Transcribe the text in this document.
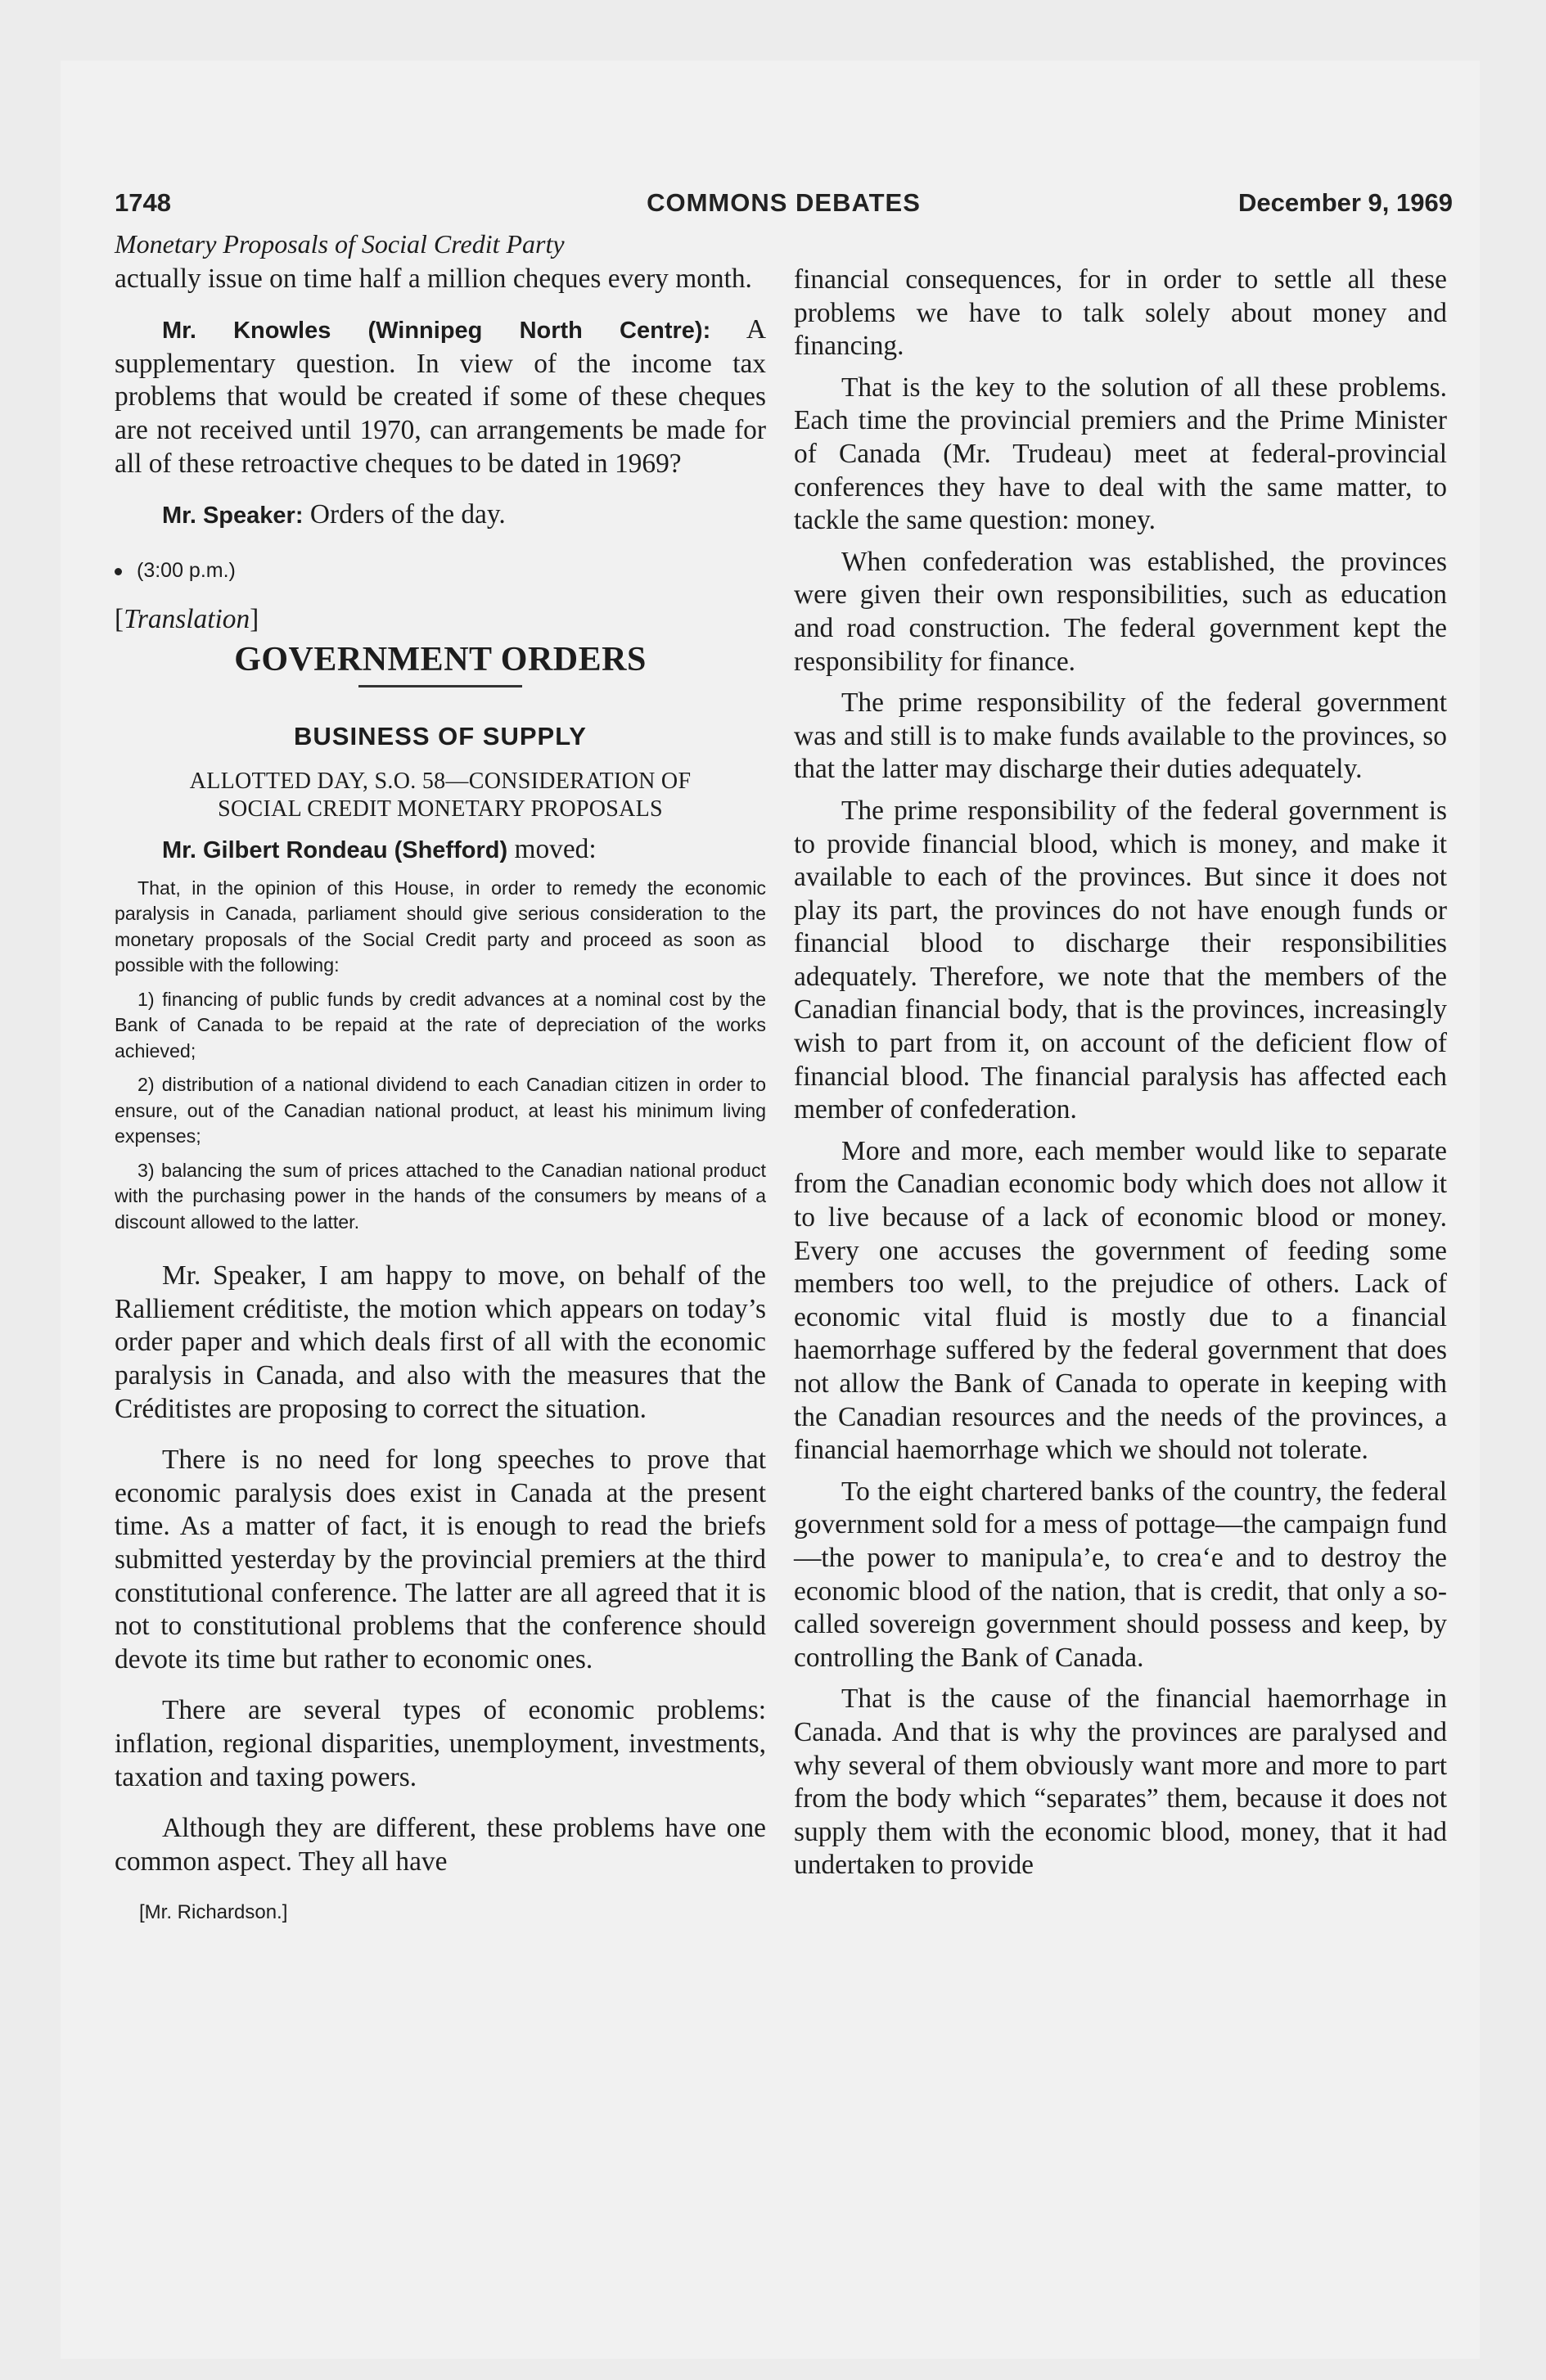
1748	COMMONS DEBATES	December 9, 1969
Monetary Proposals of Social Credit Party

actually issue on time half a million cheques every month.

Mr. Knowles (Winnipeg North Centre): A supplementary question. In view of the income tax problems that would be created if some of these cheques are not received until 1970, can arrangements be made for all of these retroactive cheques to be dated in 1969?

Mr. Speaker: Orders of the day.

(3:00 p.m.)
[Translation]
GOVERNMENT ORDERS
BUSINESS OF SUPPLY
ALLOTTED DAY, S.O. 58—CONSIDERATION OF
SOCIAL CREDIT MONETARY PROPOSALS

Mr. Gilbert Rondeau (Shefford) moved:

That, in the opinion of this House, in order to remedy the economic paralysis in Canada, parliament should give serious consideration to the monetary proposals of the Social Credit party and proceed as soon as possible with the following:

1) financing of public funds by credit advances at a nominal cost by the Bank of Canada to be repaid at the rate of depreciation of the works achieved;

2) distribution of a national dividend to each Canadian citizen in order to ensure, out of the Canadian national product, at least his minimum living expenses;

3) balancing the sum of prices attached to the Canadian national product with the purchasing power in the hands of the consumers by means of a discount allowed to the latter.

Mr. Speaker, I am happy to move, on behalf of the Ralliement créditiste, the motion which appears on today’s order paper and which deals first of all with the economic paralysis in Canada, and also with the measures that the Créditistes are proposing to correct the situation.

There is no need for long speeches to prove that economic paralysis does exist in Canada at the present time. As a matter of fact, it is enough to read the briefs submitted yesterday by the provincial premiers at the third constitutional conference. The latter are all agreed that it is not to constitutional problems that the conference should devote its time but rather to economic ones.

There are several types of economic problems: inflation, regional disparities, unemployment, investments, taxation and taxing powers.

Although they are different, these problems have one common aspect. They all have

[Mr. Richardson.]

financial consequences, for in order to settle all these problems we have to talk solely about money and financing.

That is the key to the solution of all these problems. Each time the provincial premiers and the Prime Minister of Canada (Mr. Trudeau) meet at federal-provincial conferences they have to deal with the same matter, to tackle the same question: money.

When confederation was established, the provinces were given their own responsibilities, such as education and road construction. The federal government kept the responsibility for finance.

The prime responsibility of the federal government was and still is to make funds available to the provinces, so that the latter may discharge their duties adequately.

The prime responsibility of the federal government is to provide financial blood, which is money, and make it available to each of the provinces. But since it does not play its part, the provinces do not have enough funds or financial blood to discharge their responsibilities adequately. Therefore, we note that the members of the Canadian financial body, that is the provinces, increasingly wish to part from it, on account of the deficient flow of financial blood. The financial paralysis has affected each member of confederation.

More and more, each member would like to separate from the Canadian economic body which does not allow it to live because of a lack of economic blood or money. Every one accuses the government of feeding some members too well, to the prejudice of others. Lack of economic vital fluid is mostly due to a financial haemorrhage suffered by the federal government that does not allow the Bank of Canada to operate in keeping with the Canadian resources and the needs of the provinces, a financial haemorrhage which we should not tolerate.

To the eight chartered banks of the country, the federal government sold for a mess of pottage—the campaign fund—the power to manipula’e, to crea‘e and to destroy the economic blood of the nation, that is credit, that only a so-called sovereign government should possess and keep, by controlling the Bank of Canada.

That is the cause of the financial haemorrhage in Canada. And that is why the provinces are paralysed and why several of them obviously want more and more to part from the body which “separates” them, because it does not supply them with the economic blood, money, that it had undertaken to provide
